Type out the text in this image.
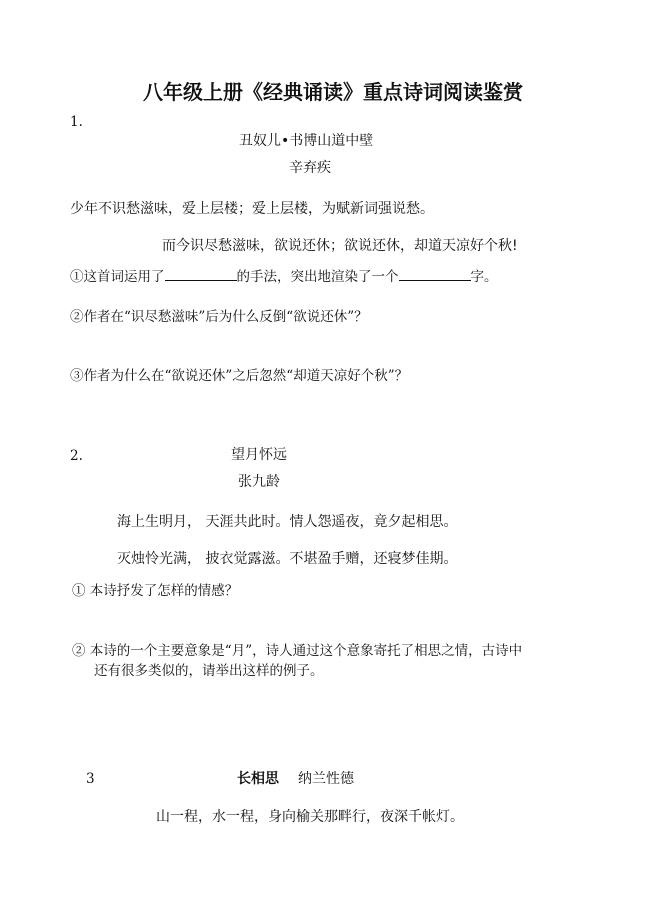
八年级上册《经典诵读》重点诗词阅读鉴赏
1.
丑奴儿•书博山道中壁
辛弃疾
少年不识愁滋味，爱上层楼；爱上层楼，为赋新词强说愁。
而今识尽愁滋味，欲说还休；欲说还休，却道天凉好个秋!
①这首词运用了	的手法，突出地渲染了一个	字。
②作者在“识尽愁滋味”后为什么反倒“欲说还休”？
③作者为什么在“欲说还休”之后忽然“却道天凉好个秋”？
2.	望月怀远
张九龄
海上生明月， 天涯共此时。情人怨遥夜，竟夕起相思。
灭烛怜光满， 披衣觉露滋。不堪盈手赠，还寝梦佳期。
① 本诗抒发了怎样的情感？
② 本诗的一个主要意象是“月”，诗人通过这个意象寄托了相思之情，古诗中
还有很多类似的，请举出这样的例子。
3	长相思 纳兰性德
山一程，水一程，身向榆关那畔行，夜深千帐灯。
